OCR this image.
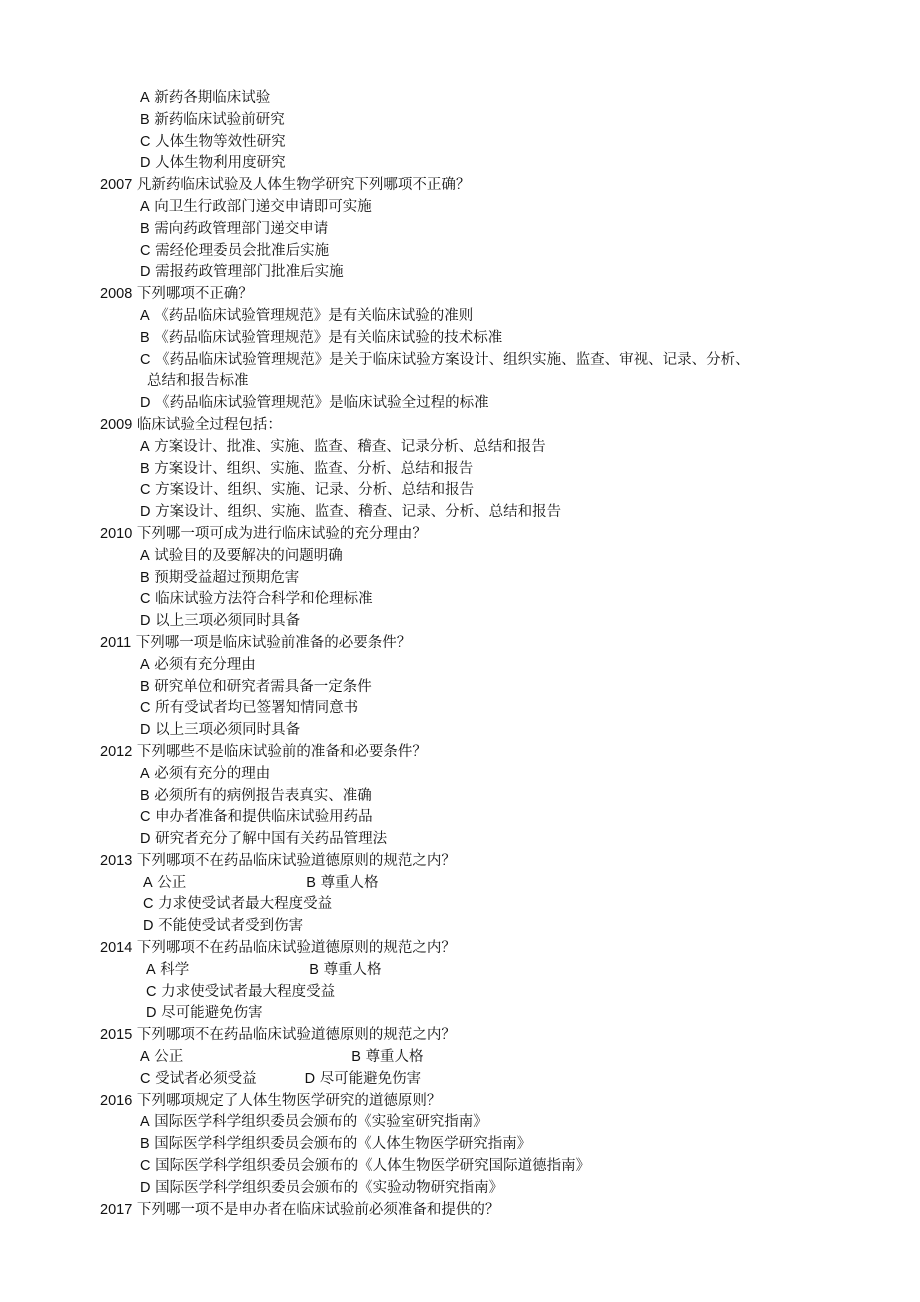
A 新药各期临床试验
B 新药临床试验前研究
C 人体生物等效性研究
D 人体生物利用度研究
2007 凡新药临床试验及人体生物学研究下列哪项不正确？
A 向卫生行政部门递交申请即可实施
B 需向药政管理部门递交申请
C 需经伦理委员会批准后实施
D 需报药政管理部门批准后实施
2008 下列哪项不正确？
A 《药品临床试验管理规范》是有关临床试验的准则
B 《药品临床试验管理规范》是有关临床试验的技术标准
C 《药品临床试验管理规范》是关于临床试验方案设计、组织实施、监查、审视、记录、分析、
总结和报告标准
D 《药品临床试验管理规范》是临床试验全过程的标准
2009 临床试验全过程包括：
A 方案设计、批准、实施、监查、稽查、记录分析、总结和报告
B 方案设计、组织、实施、监查、分析、总结和报告
C 方案设计、组织、实施、记录、分析、总结和报告
D 方案设计、组织、实施、监查、稽查、记录、分析、总结和报告
2010 下列哪一项可成为进行临床试验的充分理由？
A 试验目的及要解决的问题明确
B 预期受益超过预期危害
C 临床试验方法符合科学和伦理标准
D 以上三项必须同时具备
2011 下列哪一项是临床试验前准备的必要条件？
A 必须有充分理由
B 研究单位和研究者需具备一定条件
C 所有受试者均已签署知情同意书
D 以上三项必须同时具备
2012 下列哪些不是临床试验前的准备和必要条件？
A 必须有充分的理由
B 必须所有的病例报告表真实、准确
C 申办者准备和提供临床试验用药品
D 研究者充分了解中国有关药品管理法
2013 下列哪项不在药品临床试验道德原则的规范之内？
A 公正	B 尊重人格
C 力求使受试者最大程度受益
D 不能使受试者受到伤害
2014 下列哪项不在药品临床试验道德原则的规范之内？
A 科学	B 尊重人格
C 力求使受试者最大程度受益
D 尽可能避免伤害
2015 下列哪项不在药品临床试验道德原则的规范之内？
A 公正	B 尊重人格
C 受试者必须受益	D 尽可能避免伤害
2016 下列哪项规定了人体生物医学研究的道德原则？
A 国际医学科学组织委员会颁布的《实验室研究指南》
B 国际医学科学组织委员会颁布的《人体生物医学研究指南》
C 国际医学科学组织委员会颁布的《人体生物医学研究国际道德指南》
D 国际医学科学组织委员会颁布的《实验动物研究指南》
2017 下列哪一项不是申办者在临床试验前必须准备和提供的？
